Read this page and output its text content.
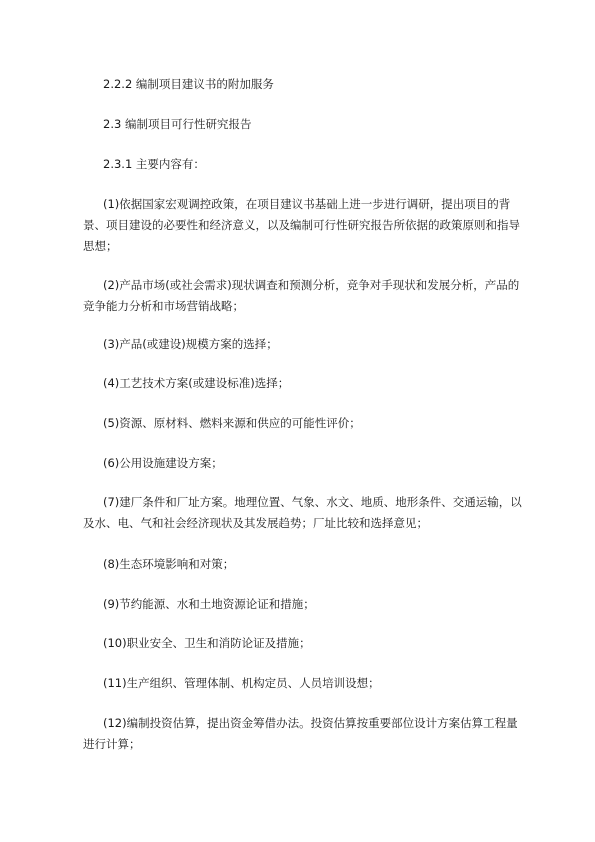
2.2.2 编制项目建议书的附加服务
2.3 编制项目可行性研究报告
2.3.1 主要内容有：
(1)依据国家宏观调控政策，在项目建议书基础上进一步进行调研，提出项目的背景、项目建设的必要性和经济意义，以及编制可行性研究报告所依据的政策原则和指导思想；
(2)产品市场(或社会需求)现状调查和预测分析，竞争对手现状和发展分析，产品的竞争能力分析和市场营销战略；
(3)产品(或建设)规模方案的选择；
(4)工艺技术方案(或建设标准)选择；
(5)资源、原材料、燃料来源和供应的可能性评价；
(6)公用设施建设方案；
(7)建厂条件和厂址方案。地理位置、气象、水文、地质、地形条件、交通运输，以及水、电、气和社会经济现状及其发展趋势；厂址比较和选择意见；
(8)生态环境影响和对策；
(9)节约能源、水和土地资源论证和措施；
(10)职业安全、卫生和消防论证及措施；
(11)生产组织、管理体制、机构定员、人员培训设想；
(12)编制投资估算，提出资金筹借办法。投资估算按重要部位设计方案估算工程量进行计算；
